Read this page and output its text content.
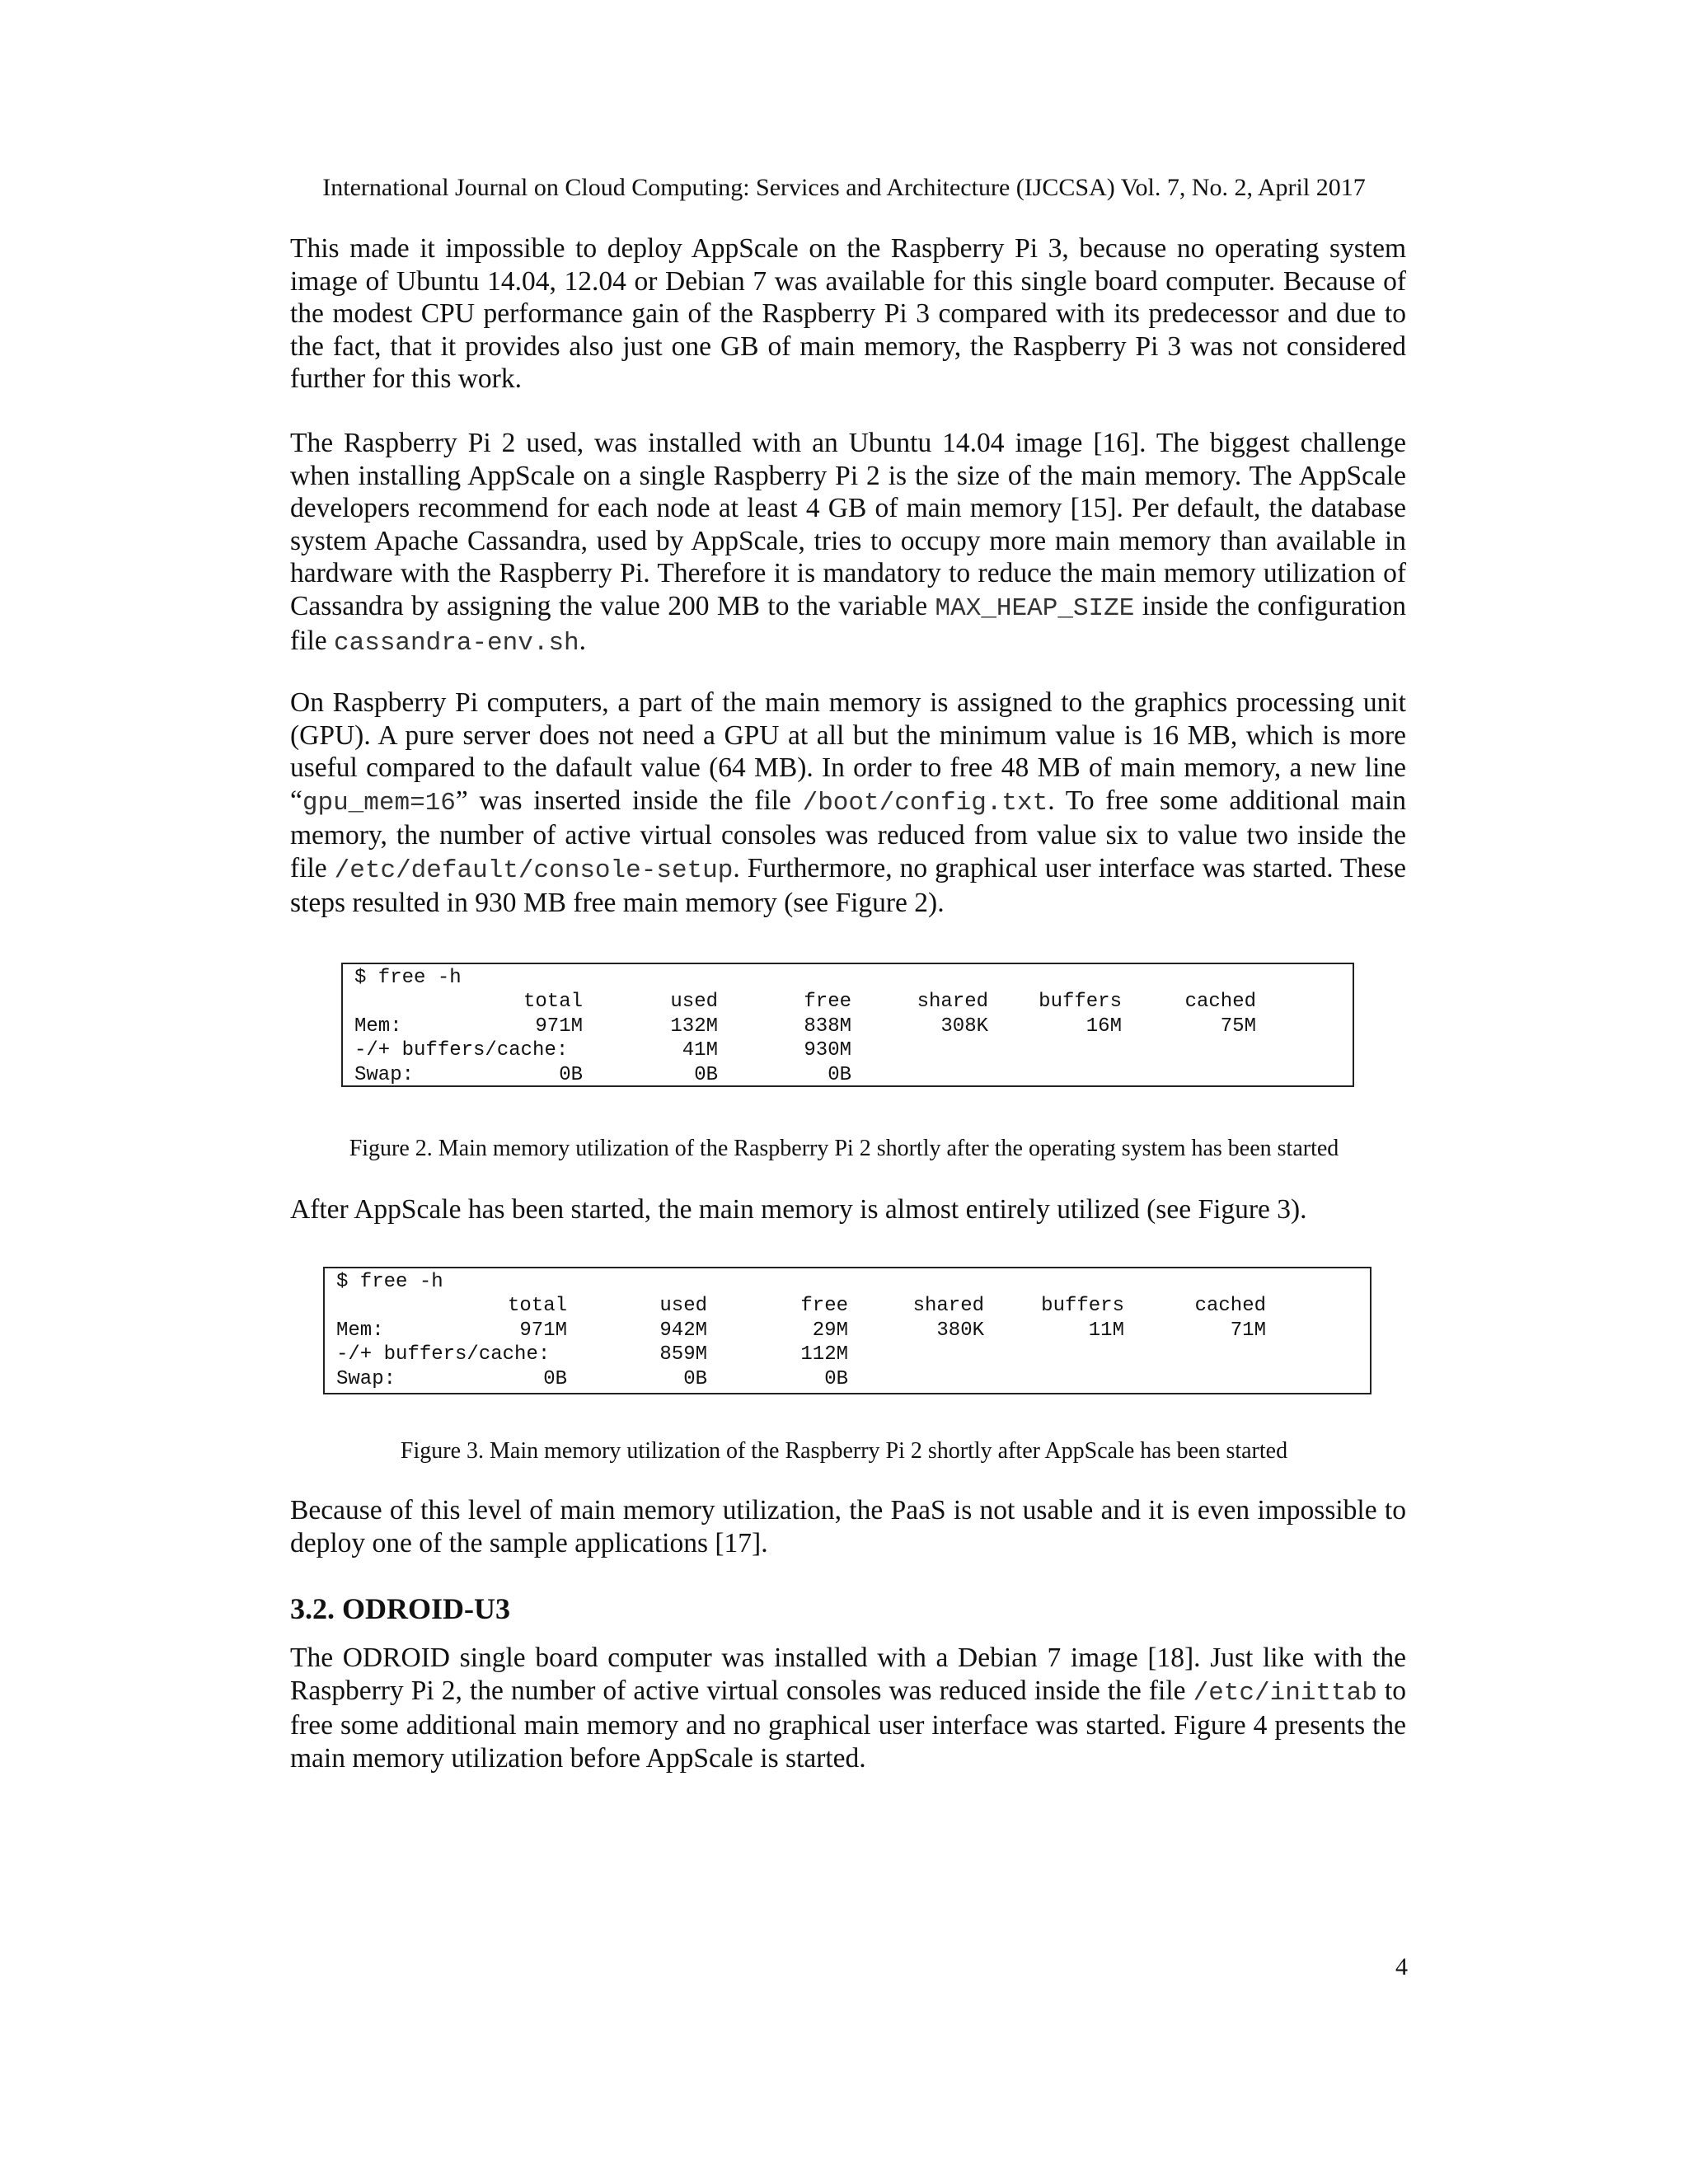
International Journal on Cloud Computing: Services and Architecture (IJCCSA) Vol. 7, No. 2, April 2017

This made it impossible to deploy AppScale on the Raspberry Pi 3, because no operating system image of Ubuntu 14.04, 12.04 or Debian 7 was available for this single board computer. Because of the modest CPU performance gain of the Raspberry Pi 3 compared with its predecessor and due to the fact, that it provides also just one GB of main memory, the Raspberry Pi 3 was not considered further for this work.

The Raspberry Pi 2 used, was installed with an Ubuntu 14.04 image [16]. The biggest challenge when installing AppScale on a single Raspberry Pi 2 is the size of the main memory. The AppScale developers recommend for each node at least 4 GB of main memory [15]. Per default, the database system Apache Cassandra, used by AppScale, tries to occupy more main memory than available in hardware with the Raspberry Pi. Therefore it is mandatory to reduce the main memory utilization of Cassandra by assigning the value 200 MB to the variable MAX_HEAP_SIZE inside the configuration file cassandra-env.sh.

On Raspberry Pi computers, a part of the main memory is assigned to the graphics processing unit (GPU). A pure server does not need a GPU at all but the minimum value is 16 MB, which is more useful compared to the dafault value (64 MB). In order to free 48 MB of main memory, a new line “gpu_mem=16” was inserted inside the file /boot/config.txt. To free some additional main memory, the number of active virtual consoles was reduced from value six to value two inside the file /etc/default/console-setup. Furthermore, no graphical user interface was started. These steps resulted in 930 MB free main memory (see Figure 2).

$ free -h
	total	used	free	shared	buffers	cached
Mem:	971M	132M	838M	308K	16M	75M
-/+ buffers/cache:		41M	930M			
Swap:	0B	0B	0B			
Figure 2. Main memory utilization of the Raspberry Pi 2 shortly after the operating system has been started

After AppScale has been started, the main memory is almost entirely utilized (see Figure 3).

$ free -h
	total	used	free	shared	buffers	cached
Mem:	971M	942M	29M	380K	11M	71M
-/+ buffers/cache:		859M	112M			
Swap:	0B	0B	0B			
Figure 3. Main memory utilization of the Raspberry Pi 2 shortly after AppScale has been started

Because of this level of main memory utilization, the PaaS is not usable and it is even impossible to deploy one of the sample applications [17].

3.2. ODROID-U3

The ODROID single board computer was installed with a Debian 7 image [18]. Just like with the Raspberry Pi 2, the number of active virtual consoles was reduced inside the file /etc/inittab to free some additional main memory and no graphical user interface was started. Figure 4 presents the main memory utilization before AppScale is started.

4
